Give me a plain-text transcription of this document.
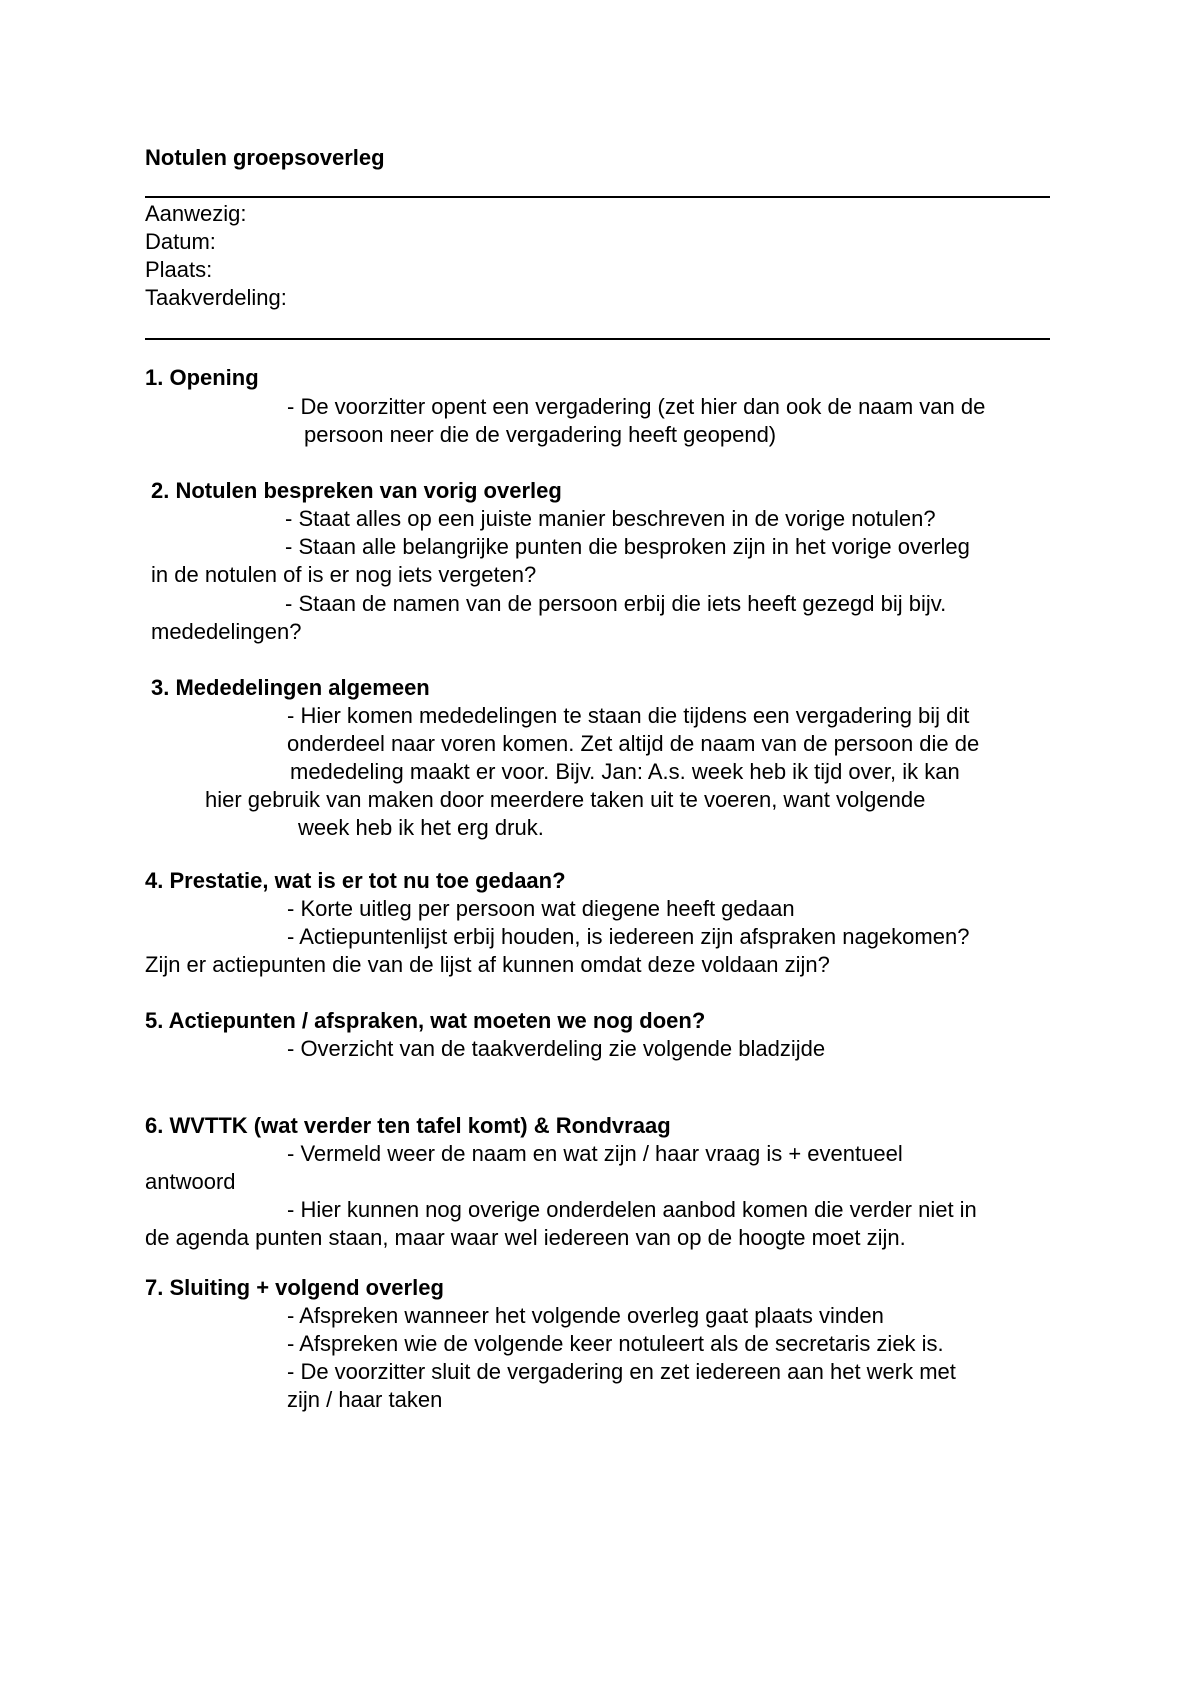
Notulen groepsoverleg
Aanwezig:
Datum:
Plaats:
Taakverdeling:
1. Opening
- De voorzitter opent een vergadering (zet hier dan ook de naam van de
persoon neer die de vergadering heeft geopend)
2. Notulen bespreken van vorig overleg
- Staat alles op een juiste manier beschreven in de vorige notulen?
- Staan alle belangrijke punten die besproken zijn in het vorige overleg
in de notulen of is er nog iets vergeten?
- Staan de namen van de persoon erbij die iets heeft gezegd bij bijv.
mededelingen?
3. Mededelingen algemeen
- Hier komen mededelingen te staan die tijdens een vergadering bij dit
onderdeel naar voren komen. Zet altijd de naam van de persoon die de
mededeling maakt er voor. Bijv. Jan: A.s. week heb ik tijd over, ik kan
hier gebruik van maken door meerdere taken uit te voeren, want volgende
week heb ik het erg druk.
4. Prestatie, wat is er tot nu toe gedaan?
- Korte uitleg per persoon wat diegene heeft gedaan
- Actiepuntenlijst erbij houden, is iedereen zijn afspraken nagekomen?
Zijn er actiepunten die van de lijst af kunnen omdat deze voldaan zijn?
5. Actiepunten / afspraken, wat moeten we nog doen?
- Overzicht van de taakverdeling zie volgende bladzijde
6. WVTTK (wat verder ten tafel komt) & Rondvraag
- Vermeld weer de naam en wat zijn / haar vraag is + eventueel
antwoord
- Hier kunnen nog overige onderdelen aanbod komen die verder niet in
de agenda punten staan, maar waar wel iedereen van op de hoogte moet zijn.
7. Sluiting + volgend overleg
- Afspreken wanneer het volgende overleg gaat plaats vinden
- Afspreken wie de volgende keer notuleert als de secretaris ziek is.
- De voorzitter sluit de vergadering en zet iedereen aan het werk met
zijn / haar taken
